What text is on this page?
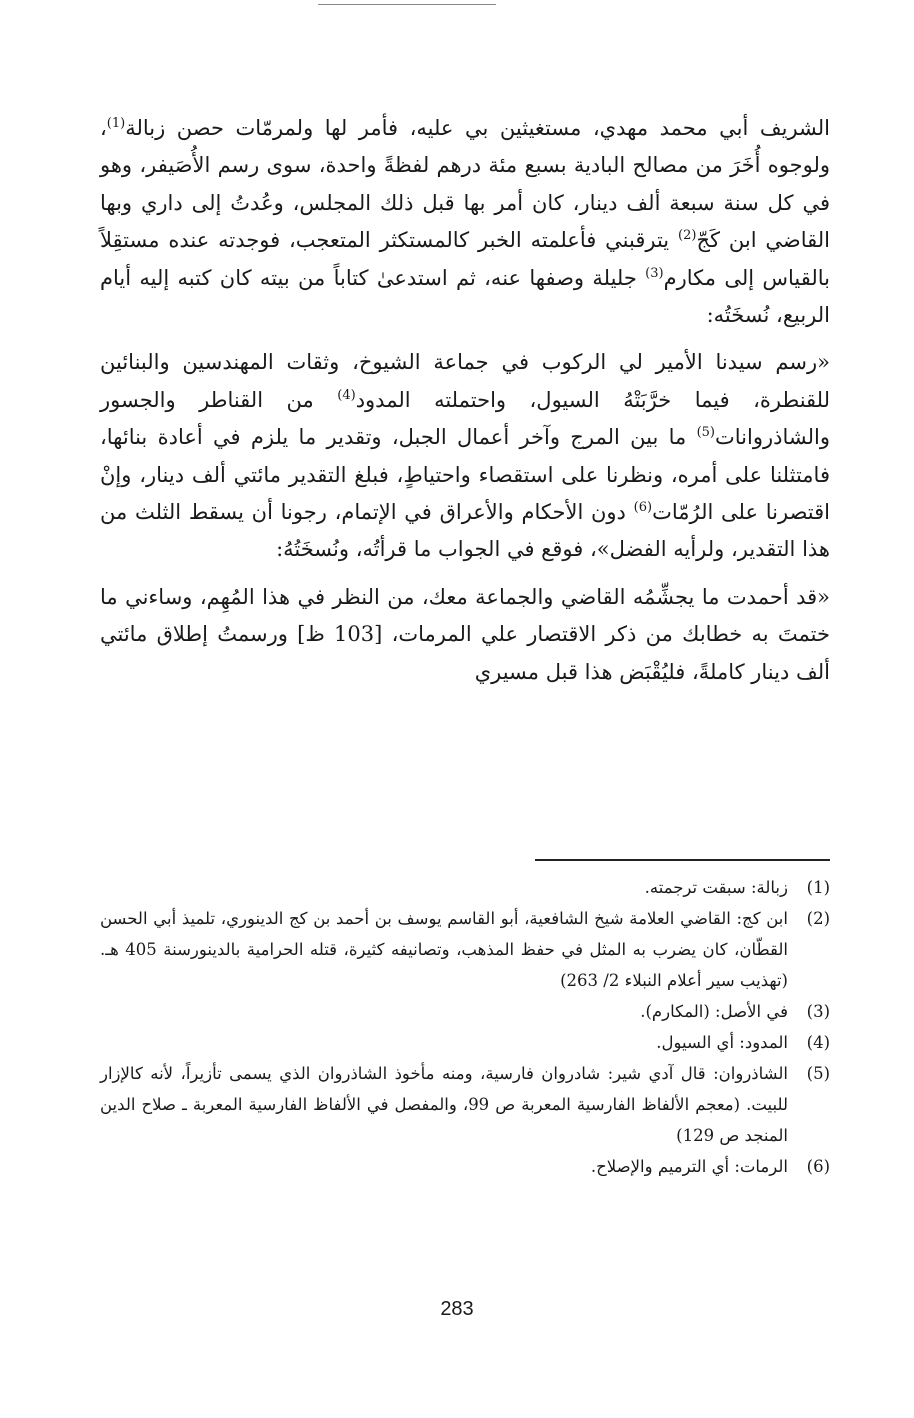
الشريف أبي محمد مهدي، مستغيثين بي عليه، فأمر لها ولمرمّات حصن زبالة$^{(1)}$، ولوجوه أُخَرَ من مصالح البادية بسبع مئة درهم لفظةً واحدة، سوى رسم الأُصَيفر، وهو في كل سنة سبعة ألف دينار، كان أمر بها قبل ذلك المجلس، وعُدتُ إلى داري وبها القاضي ابن كَجّ$^{(2)}$ يترقبني فأعلمته الخبر كالمستكثر المتعجب، فوجدته عنده مستقِلاً بالقياس إلى مكارم$^{(3)}$ جليلة وصفها عنه، ثم استدعىٰ كتاباً من بيته كان كتبه إليه أيام الربيع، نُسخَتُه:

«رسم سيدنا الأمير لي الركوب في جماعة الشيوخ، وثقات المهندسين والبنائين للقنطرة، فيما خرَّبَتْهُ السيول، واحتملته المدود$^{(4)}$ من القناطر والجسور والشاذروانات$^{(5)}$ ما بين المرج وآخر أعمال الجبل، وتقدير ما يلزم في أعادة بنائها، فامتثلنا على أمره، ونظرنا على استقصاء واحتياطٍ، فبلغ التقدير مائتي ألف دينار، وإنْ اقتصرنا على الرُمّات$^{(6)}$ دون الأحكام والأعراق في الإتمام، رجونا أن يسقط الثلث من هذا التقدير، ولرأيه الفضل»، فوقع في الجواب ما قرأتُه، ونُسخَتُهُ:

«قد أحمدت ما يجشِّمُه القاضي والجماعة معك، من النظر في هذا المُهِم، وساءني ما ختمتَ به خطابك من ذكر الاقتصار علي المرمات، [103 ظ] ورسمتُ إطلاق مائتي ألف دينار كاملةً، فليُقْبَض هذا قبل مسيري

(1)
زبالة: سبقت ترجمته.
(2)
ابن كج: القاضي العلامة شيخ الشافعية، أبو القاسم يوسف بن أحمد بن كج الدينوري، تلميذ أبي الحسن القطّان، كان يضرب به المثل في حفظ المذهب، وتصانيفه كثيرة، قتله الحرامية بالدينورسنة 405 هـ. (تهذيب سير أعلام النبلاء 2/ 263)
(3)
في الأصل: (المكارم).
(4)
المدود: أي السيول.
(5)
الشاذروان: قال آدي شير: شادروان فارسية، ومنه مأخوذ الشاذروان الذي يسمى تأزيراً، لأنه كالإزار للبيت. (معجم الألفاظ الفارسية المعربة ص 99، والمفصل في الألفاظ الفارسية المعربة ـ صلاح الدين المنجد ص 129)
(6)
الرمات: أي الترميم والإصلاح.
283
